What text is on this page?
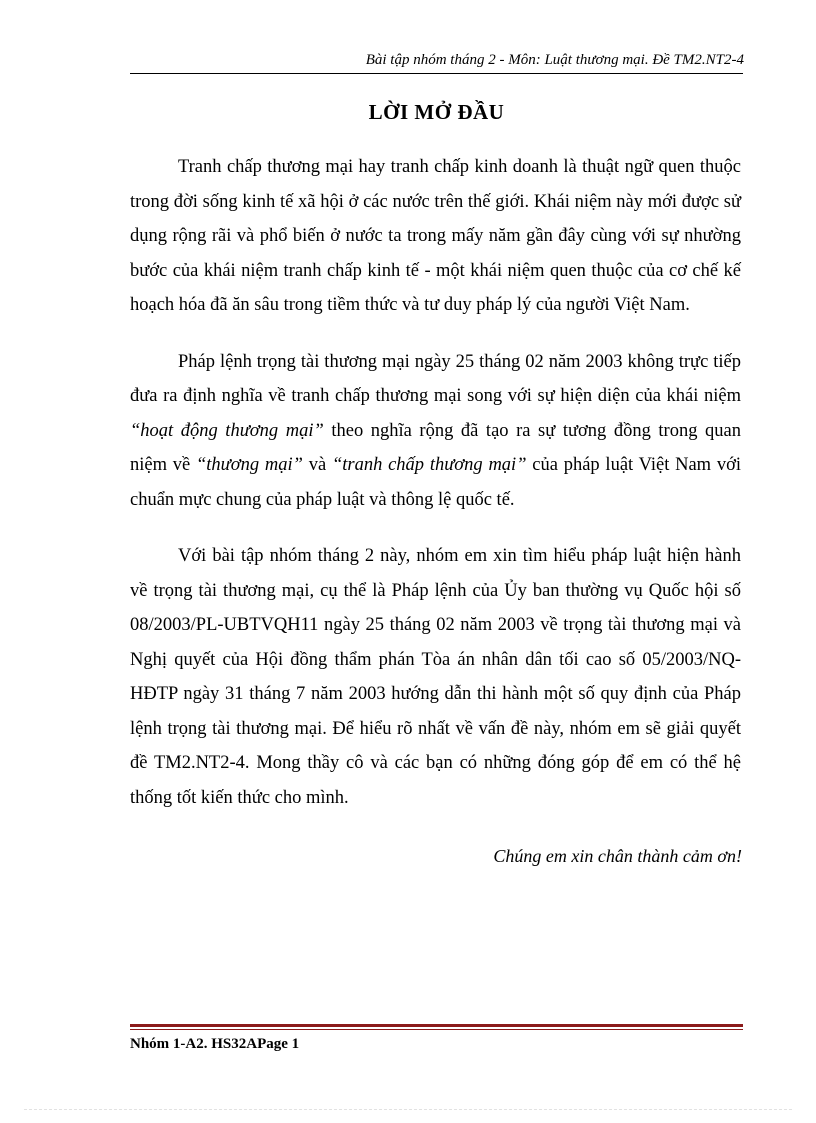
Bài tập nhóm tháng 2 - Môn: Luật thương mại. Đề TM2.NT2-4
LỜI MỞ ĐẦU

Tranh chấp thương mại hay tranh chấp kinh doanh là thuật ngữ quen thuộc trong đời sống kinh tế xã hội ở các nước trên thế giới. Khái niệm này mới được sử dụng rộng rãi và phổ biến ở nước ta trong mấy năm gần đây cùng với sự nhường bước của khái niệm tranh chấp kinh tế - một khái niệm quen thuộc của cơ chế kế hoạch hóa đã ăn sâu trong tiềm thức và tư duy pháp lý của người Việt Nam.

Pháp lệnh trọng tài thương mại ngày 25 tháng 02 năm 2003 không trực tiếp đưa ra định nghĩa về tranh chấp thương mại song với sự hiện diện của khái niệm “hoạt động thương mại” theo nghĩa rộng đã tạo ra sự tương đồng trong quan niệm về “thương mại” và “tranh chấp thương mại” của pháp luật Việt Nam với chuẩn mực chung của pháp luật và thông lệ quốc tế.

Với bài tập nhóm tháng 2 này, nhóm em xin tìm hiểu pháp luật hiện hành về trọng tài thương mại, cụ thể là Pháp lệnh của Ủy ban thường vụ Quốc hội số 08/2003/PL-UBTVQH11 ngày 25 tháng 02 năm 2003 về trọng tài thương mại và Nghị quyết của Hội đồng thẩm phán Tòa án nhân dân tối cao số 05/2003/NQ-HĐTP ngày 31 tháng 7 năm 2003 hướng dẫn thi hành một số quy định của Pháp lệnh trọng tài thương mại. Để hiểu rõ nhất về vấn đề này, nhóm em sẽ giải quyết đề TM2.NT2-4. Mong thầy cô và các bạn có những đóng góp để em có thể hệ thống tốt kiến thức cho mình.

Chúng em xin chân thành cảm ơn!
Nhóm 1-A2. HS32APage 1
